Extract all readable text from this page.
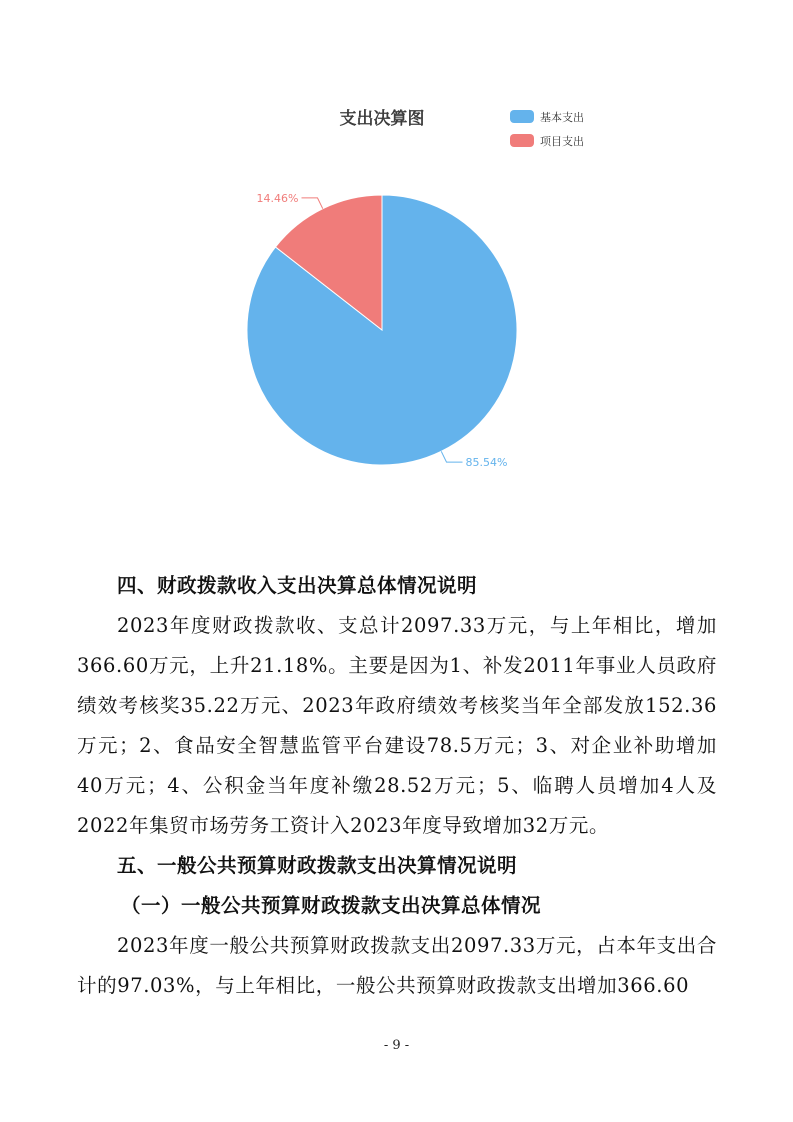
支出决算图	基本支出
项目支出
85.54%
14.46%
四、财政拨款收入支出决算总体情况说明

2023年度财政拨款收、支总计2097.33万元，与上年相比，增加366.60万元，上升21.18%。主要是因为1、补发2011年事业人员政府绩效考核奖35.22万元、2023年政府绩效考核奖当年全部发放152.36万元；2、食品安全智慧监管平台建设78.5万元；3、对企业补助增加40万元；4、公积金当年度补缴28.52万元；5、临聘人员增加4人及2022年集贸市场劳务工资计入2023年度导致增加32万元。

五、一般公共预算财政拨款支出决算情况说明
（一）一般公共预算财政拨款支出决算总体情况

2023年度一般公共预算财政拨款支出2097.33万元，占本年支出合计的97.03%，与上年相比，一般公共预算财政拨款支出增加366.60

- 9 -
